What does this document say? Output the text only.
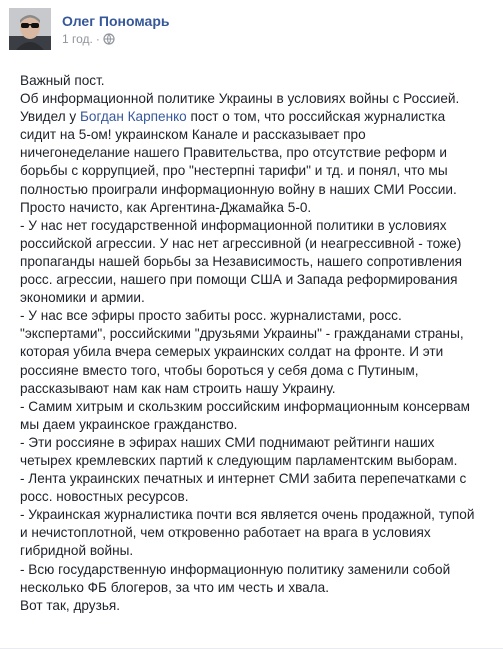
Олег Пономарь
1 год. ·
Важный пост.
Об информационной политике Украины в условиях войны с Россией.
Увидел у Богдан Карпенко пост о том, что российская журналистка
сидит на 5-ом! украинском Канале и рассказывает про
ничегонеделание нашего Правительства, про отсутствие реформ и
борьбы с коррупцией, про "нестерпні тарифи" и тд. и понял, что мы
полностью проиграли информационную войну в наших СМИ России.
Просто начисто, как Аргентина-Джамайка 5-0.
- У нас нет государственной информационной политики в условиях
российской агрессии. У нас нет агрессивной (и неагрессивной - тоже)
пропаганды нашей борьбы за Независимость, нашего сопротивления
росс. агрессии, нашего при помощи США и Запада реформирования
экономики и армии.
- У нас все эфиры просто забиты росс. журналистами, росс.
"экспертами", российскими "друзьями Украины" - гражданами страны,
которая убила вчера семерых украинских солдат на фронте. И эти
россияне вместо того, чтобы бороться у себя дома с Путиным,
рассказывают нам как нам строить нашу Украину.
- Самим хитрым и скользким российским информационным консервам
мы даем украинское гражданство.
- Эти россияне в эфирах наших СМИ поднимают рейтинги наших
четырех кремлевских партий к следующим парламентским выборам.
- Лента украинских печатных и интернет СМИ забита перепечатками с
росс. новостных ресурсов.
- Украинская журналистика почти вся является очень продажной, тупой
и нечистоплотной, чем откровенно работает на врага в условиях
гибридной войны.
- Всю государственную информационную политику заменили собой
несколько ФБ блогеров, за что им честь и хвала.
Вот так, друзья.
